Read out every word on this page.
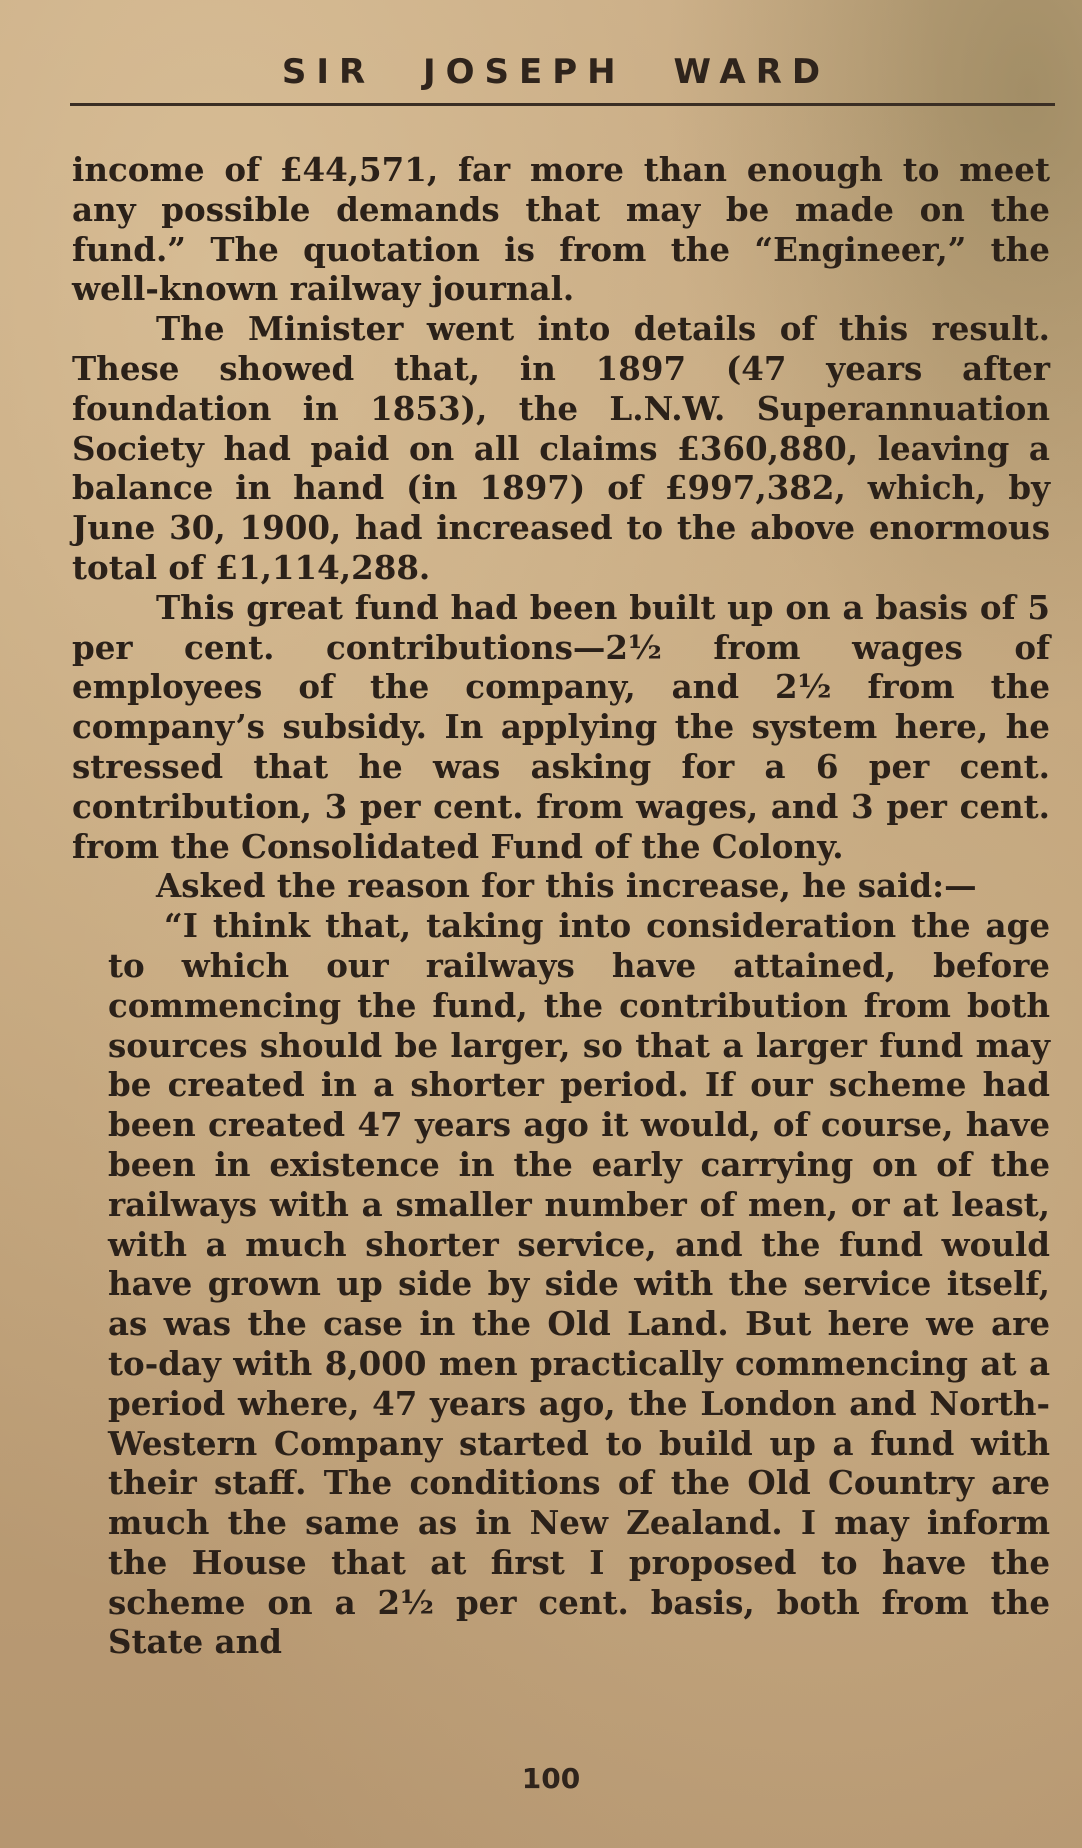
SIR JOSEPH WARD

income of £44,571, far more than enough to meet any possible demands that may be made on the fund.” The quotation is from the “Engineer,” the well-known railway journal.

The Minister went into details of this result. These showed that, in 1897 (47 years after foundation in 1853), the L.N.W. Superannuation Society had paid on all claims £360,880, leaving a balance in hand (in 1897) of £997,382, which, by June 30, 1900, had increased to the above enormous total of £1,114,288.

This great fund had been built up on a basis of 5 per cent. contributions—2½ from wages of employees of the company, and 2½ from the company’s subsidy. In applying the system here, he stressed that he was asking for a 6 per cent. contribution, 3 per cent. from wages, and 3 per cent. from the Consolidated Fund of the Colony.

Asked the reason for this increase, he said:—

“I think that, taking into consideration the age to which our railways have attained, before commencing the fund, the contribution from both sources should be larger, so that a larger fund may be created in a shorter period. If our scheme had been created 47 years ago it would, of course, have been in existence in the early carrying on of the railways with a smaller number of men, or at least, with a much shorter service, and the fund would have grown up side by side with the service itself, as was the case in the Old Land. But here we are to-day with 8,000 men practically commencing at a period where, 47 years ago, the London and North-Western Company started to build up a fund with their staff. The conditions of the Old Country are much the same as in New Zealand. I may inform the House that at first I proposed to have the scheme on a 2½ per cent. basis, both from the State and

100
